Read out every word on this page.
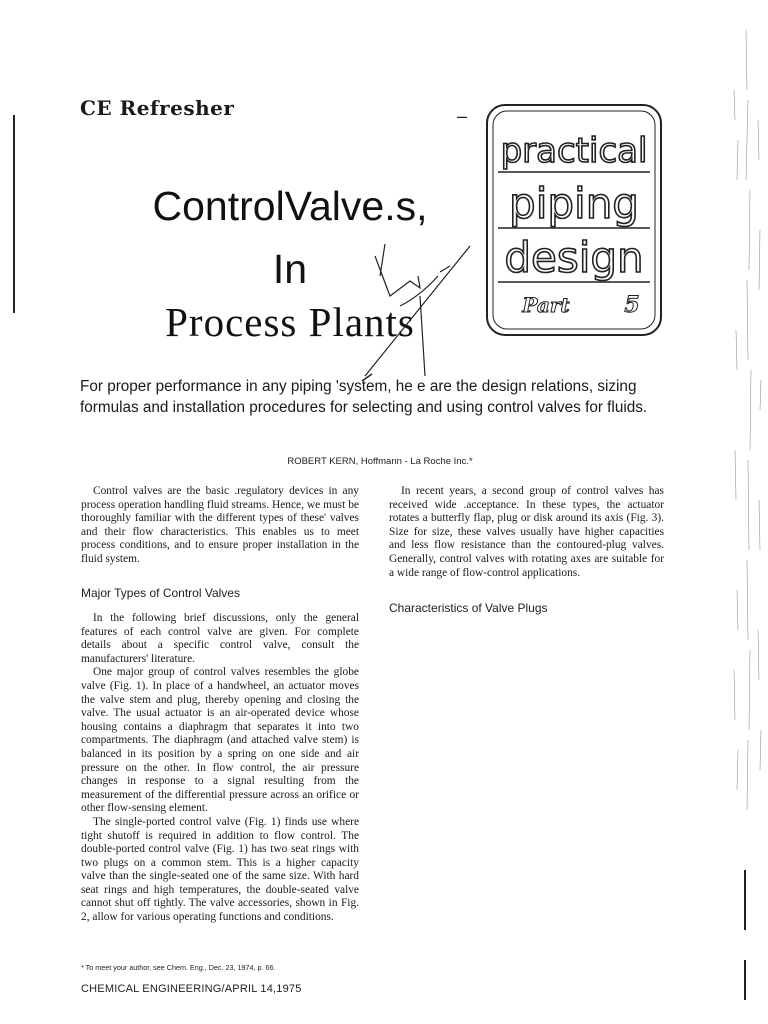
CE Refresher	–
ControlValve.s,
In
Process Plants
practical
piping
design
Part 5
For proper performance in any piping 'system, he e are the design relations, sizing formulas and installation procedures for selecting and using control valves for fluids.
ROBERT KERN, Hoffmann - La Roche Inc.*

Control valves are the basic .regulatory devices in any process operation handling fluid streams. Hence, we must be thoroughly familiar with the different types of these' valves and their flow characteristics. This enables us to meet process conditions, and to ensure proper installation in the fluid system.

Major Types of Control Valves

In the following brief discussions, only the general features of each control valve are given. For complete details about a specific control valve, consult the manufacturers' literature.

One major group of control valves resembles the globe valve (Fig. 1). In place of a handwheel, an actuator moves the valve stem and plug, thereby opening and closing the valve. The usual actuator is an air-operated device whose housing contains a diaphragm that separates it into two compartments. The diaphragm (and attached valve stem) is balanced in its position by a spring on one side and air pressure on the other. In flow control, the air pressure changes in response to a signal resulting from the measurement of the differential pressure across an orifice or other flow-sensing element.

The single-ported control valve (Fig. 1) finds use where tight shutoff is required in addition to flow control. The double-ported control valve (Fig. 1) has two seat rings with two plugs on a common stem. This is a higher capacity valve than the single-seated one of the same size. With hard seat rings and high temperatures, the double-seated valve cannot shut off tightly. The valve accessories, shown in Fig. 2, allow for various operating functions and conditions.

In recent years, a second group of control valves has received wide .acceptance. In these types, the actuator rotates a butterfly flap, plug or disk around its axis (Fig. 3). Size for size, these valves usually have higher capacities and less flow resistance than the contoured-plug valves. Generally, control valves with rotating axes are suitable for a wide range of flow-control applications.

Characteristics of Valve Plugs
* To meet your author, see Chem. Eng., Dec. 23, 1974, p. 66.
CHEMICAL ENGINEERING/APRIL 14,1975
